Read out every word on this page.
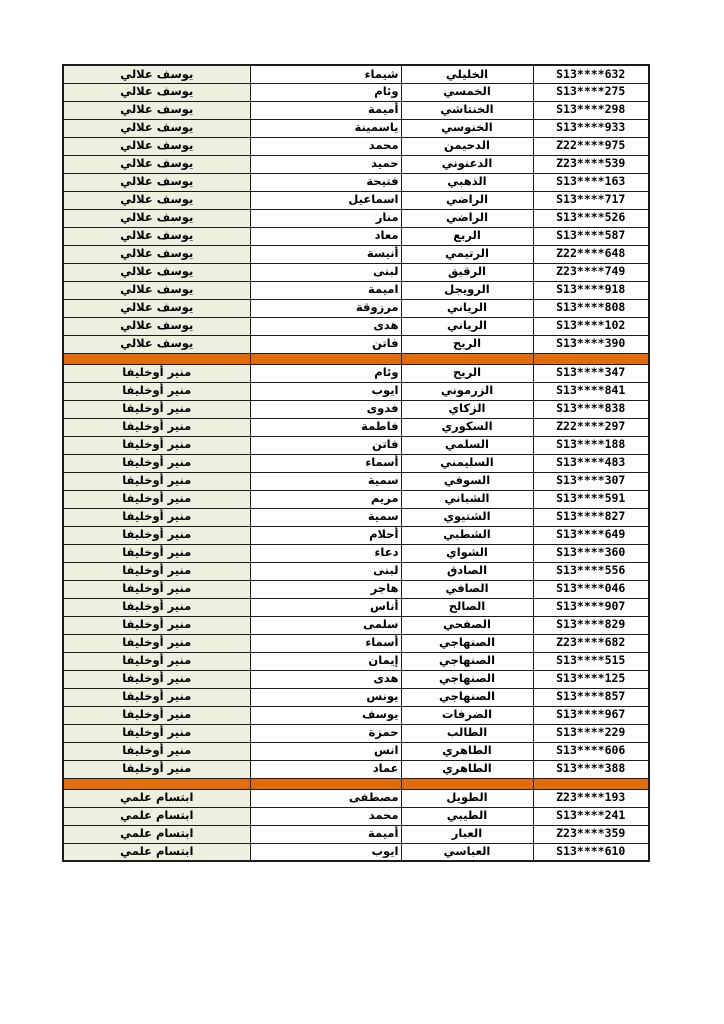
S13****632	الخليلي	شيماء	يوسف علالي
S13****275	الخمسي	وئام	يوسف علالي
S13****298	الخنتاشي	أميمة	يوسف علالي
S13****933	الخنوسي	ياسمينة	يوسف علالي
Z22****975	الدحيمن	محمد	يوسف علالي
Z23****539	الدعنوني	حميد	يوسف علالي
S13****163	الذهبي	فتيحة	يوسف علالي
S13****717	الراضي	اسماعيل	يوسف علالي
S13****526	الراضي	منار	يوسف علالي
S13****587	الربع	معاد	يوسف علالي
Z22****648	الرتيمي	أنيسة	يوسف علالي
Z23****749	الرقيق	لبنى	يوسف علالي
S13****918	الرويجل	اميمة	يوسف علالي
S13****808	الرياني	مرزوقة	يوسف علالي
S13****102	الرياني	هدى	يوسف علالي
S13****390	الريح	فاتن	يوسف علالي

S13****347	الريح	وئام	منير أوخليفا
S13****841	الزرموني	ايوب	منير أوخليفا
S13****838	الزكاي	فدوى	منير أوخليفا
Z22****297	السكوري	فاطمة	منير أوخليفا
S13****188	السلمي	فاتن	منير أوخليفا
S13****483	السليمني	أسماء	منير أوخليفا
S13****307	السوفي	سمية	منير أوخليفا
S13****591	الشباني	مريم	منير أوخليفا
S13****827	الشتيوي	سمية	منير أوخليفا
S13****649	الشطبي	أحلام	منير أوخليفا
S13****360	الشواي	دعاء	منير أوخليفا
S13****556	الصادق	لبنى	منير أوخليفا
S13****046	الصافي	هاجر	منير أوخليفا
S13****907	الصالح	أناس	منير أوخليفا
S13****829	الصفحي	سلمى	منير أوخليفا
Z23****682	الصنهاجي	أسماء	منير أوخليفا
S13****515	الصنهاجي	إيمان	منير أوخليفا
S13****125	الصنهاجي	هدى	منير أوخليفا
S13****857	الصنهاجي	يونس	منير أوخليفا
S13****967	الضرفات	يوسف	منير أوخليفا
S13****229	الطالب	حمزة	منير أوخليفا
S13****606	الطاهري	انس	منير أوخليفا
S13****388	الطاهري	عماد	منير أوخليفا

Z23****193	الطويل	مصطفى	ابتسام علمي
S13****241	الطيبي	محمد	ابتسام علمي
Z23****359	العبار	أميمة	ابتسام علمي
S13****610	العباسي	ايوب	ابتسام علمي
